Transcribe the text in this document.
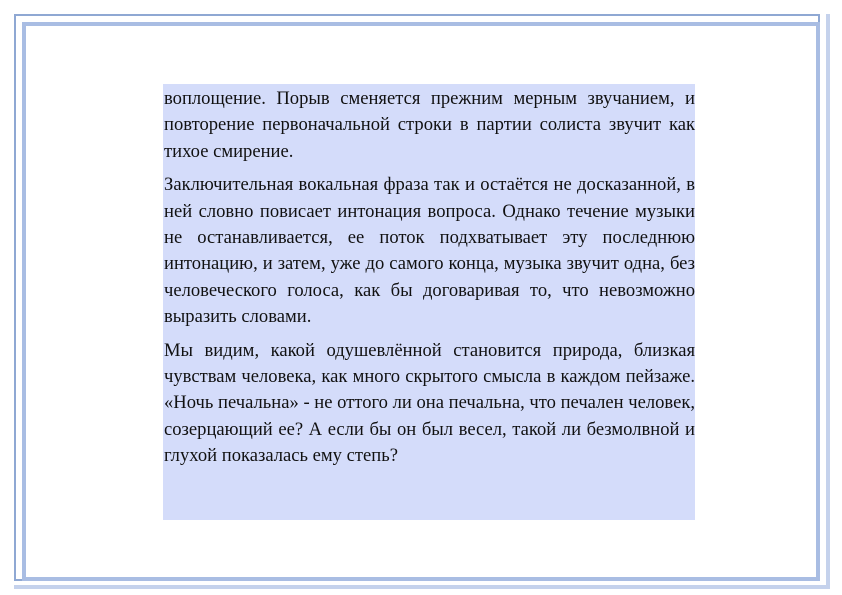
воплощение. Порыв сменяется прежним мерным звучанием, и повторение первоначальной строки в партии солиста звучит как тихое смирение.

Заключительная вокальная фраза так и остаётся не досказанной, в ней словно повисает интонация вопроса. Однако течение музыки не останавливается, ее поток подхватывает эту последнюю интонацию, и затем, уже до самого конца, музыка звучит одна, без человеческого голоса, как бы договаривая то, что невозможно выразить словами.

Мы видим, какой одушевлённой становится природа, близкая чувствам человека, как много скрытого смысла в каждом пейзаже. «Ночь печальна» - не оттого ли она печальна, что печален человек, созерцающий ее? А если бы он был весел, такой ли безмолвной и глухой показалась ему степь?
